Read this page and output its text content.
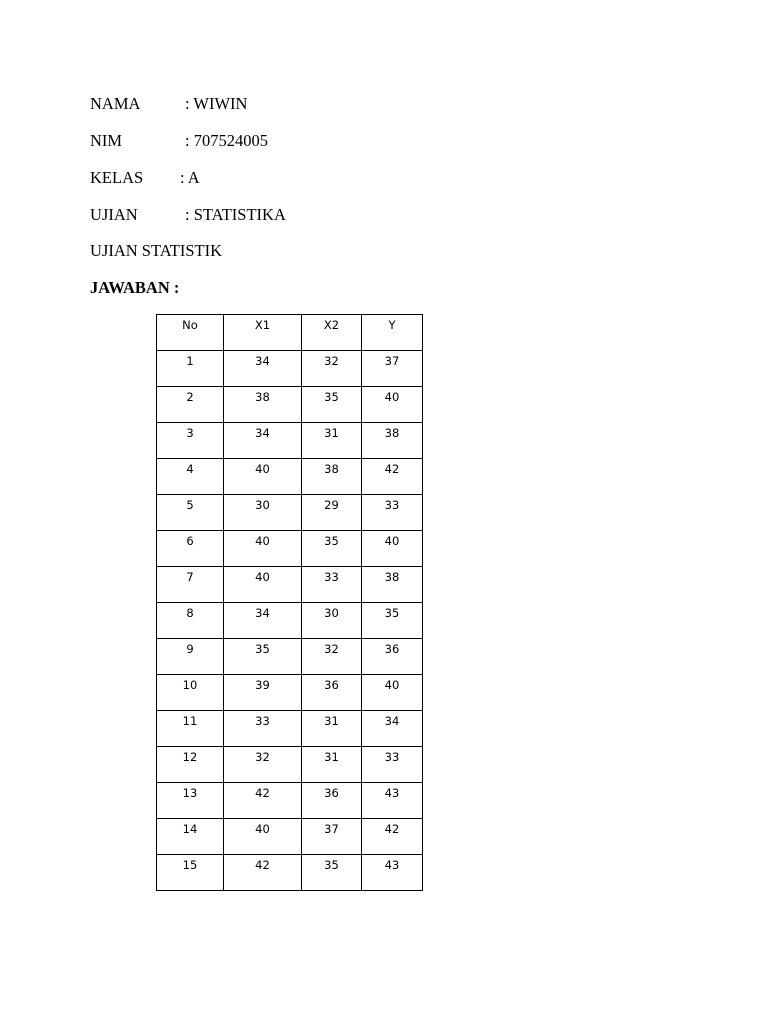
NAMA	: WIWIN
NIM	: 707524005
KELAS : A
UJIAN	: STATISTIKA
UJIAN STATISTIK
JAWABAN :
No	X1	X2	Y

1	34	32	37

2	38	35	40

3	34	31	38

4	40	38	42

5	30	29	33

6	40	35	40

7	40	33	38

8	34	30	35

9	35	32	36

10	39	36	40

11	33	31	34

12	32	31	33

13	42	36	43

14	40	37	42

15	42	35	43
